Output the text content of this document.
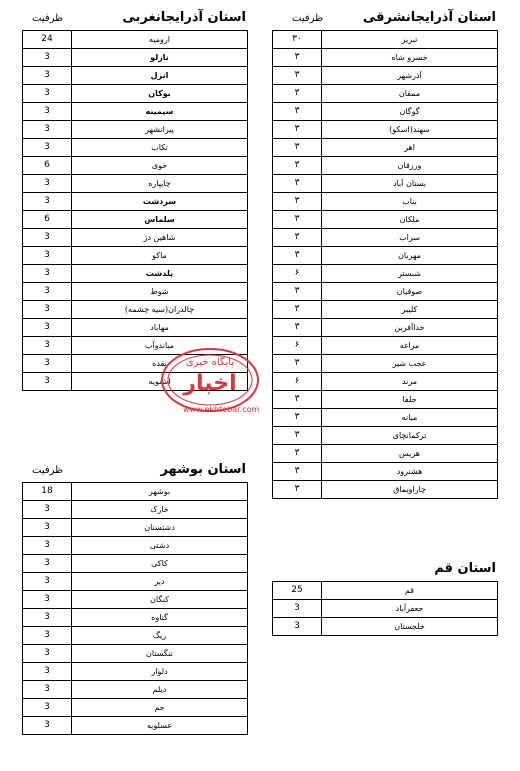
استان آذرایجانشرقی
ظرفیت
۳۰	تبریز
۳	خسرو شاه
۳	آذرشهر
۳	ممقان
۳	گوگان
۳	سهند(اسکو)
۳	اهر
۳	ورزقان
۳	بستان آباد
۳	بناب
۳	ملکان
۳	سراب
۳	مهربان
۶	شبستر
۳	صوفیان
۳	کلیبر
۳	خداآفرین
۶	مراغه
۳	عجب شیر
۶	مرند
۳	جلفا
۳	میانه
۳	ترکمانچای
۳	هریس
۳	هشترود
۳	چاراویماق
استان آذرایجانغربی
ظرفیت
24	ارومیه
3	نازلو
3	انزل
3	بوکان
3	سیمینه
3	پیرانشهر
3	تکاب
6	خوی
3	چایپاره
3	سردشت
6	سلماس
3	شاهین دژ
3	ماکو
3	پلدشت
3	شوط
3	چالدران(سیه چشمه)
3	مهاباد
3	میاندوآب
3	نقده
3	اشنویه
استان بوشهر
ظرفیت
18	بوشهر
3	خارک
3	دشتستان
3	دشتی
3	کاکی
3	دیر
3	کنگان
3	گناوه
3	ریگ
3	تنگستان
3	دلوار
3	دیلم
3	جم
3	عسلویه
استان قم
25	قم
3	جعفرآباد
3	خلجستان
پایگاه خبری
اخبار
www.ekhtebar.com
